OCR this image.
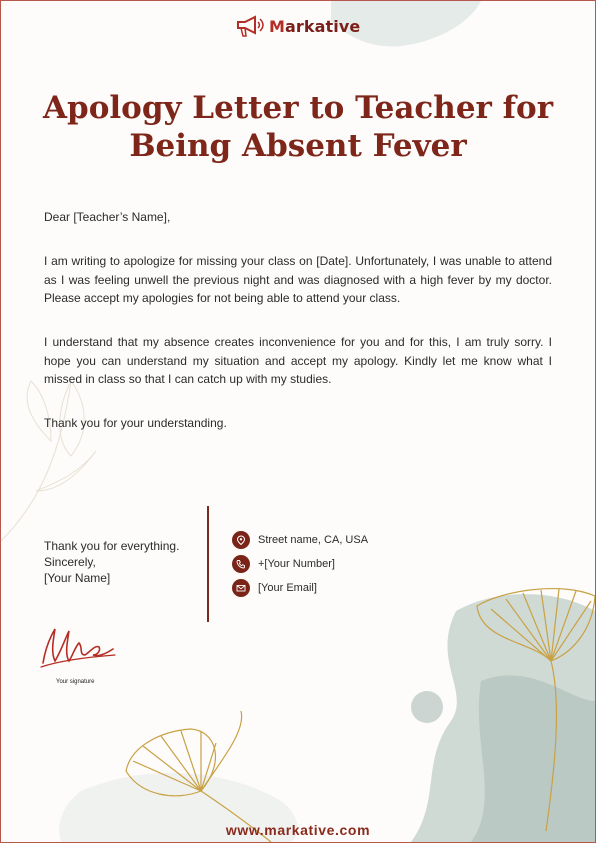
Markative
Apology Letter to Teacher for
Being Absent Fever

Dear [Teacher’s Name],

I am writing to apologize for missing your class on [Date]. Unfortunately, I was unable to attend as I was feeling unwell the previous night and was diagnosed with a high fever by my doctor. Please accept my apologies for not being able to attend your class.

I understand that my absence creates inconvenience for you and for this, I am truly sorry. I hope you can understand my situation and accept my apology. Kindly let me know what I missed in class so that I can catch up with my studies.

Thank you for your understanding.

Thank you for everything.
Sincerely,
[Your Name]
Your signature
Street name, CA, USA
+[Your Number]
[Your Email]
www.markative.com
